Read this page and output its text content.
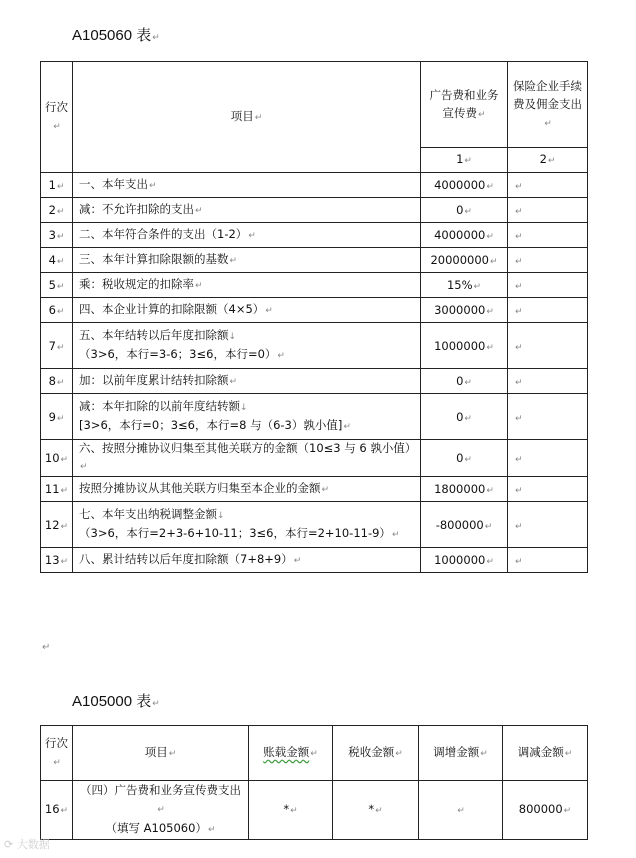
A105060 表 ↵
行次 ↵	项目 ↵	广告费和业务宣传费 ↵	保险企业手续费及佣金支出 ↵
		1 ↵	2 ↵
1 ↵	一、本年支出 ↵	4000000 ↵	↵
2 ↵	减：不允许扣除的支出 ↵	0 ↵	↵
3 ↵	二、本年符合条件的支出（1-2） ↵	4000000 ↵	↵
4 ↵	三、本年计算扣除限额的基数 ↵	20000000 ↵	↵
5 ↵	乘：税收规定的扣除率 ↵	15% ↵	↵
6 ↵	四、本企业计算的扣除限额（4×5） ↵	3000000 ↵	↵
7 ↵	五、本年结转以后年度扣除额↓
（3>6，本行=3-6；3≤6，本行=0） ↵	1000000 ↵	↵
8 ↵	加：以前年度累计结转扣除额 ↵	0 ↵	↵
9 ↵	减：本年扣除的以前年度结转额↓
[3>6，本行=0；3≤6，本行=8 与（6-3）孰小值] ↵	0 ↵	↵
10 ↵	六、按照分摊协议归集至其他关联方的金额（10≤3 与 6 孰小值） ↵	0 ↵	↵
11 ↵	按照分摊协议从其他关联方归集至本企业的金额 ↵	1800000 ↵	↵
12 ↵	七、本年支出纳税调整金额↓
（3>6，本行=2+3-6+10-11；3≤6，本行=2+10-11-9） ↵	-800000 ↵	↵
13 ↵	八、累计结转以后年度扣除额（7+8+9） ↵	1000000 ↵	↵
↵
A105000 表 ↵
行次 ↵	项目 ↵	账载金额 ↵	税收金额 ↵	调增金额 ↵	调减金额 ↵
16 ↵	（四）广告费和业务宣传费支出 ↵
（填写 A105060） ↵	* ↵	* ↵	↵	800000 ↵
⟳ 大数据
